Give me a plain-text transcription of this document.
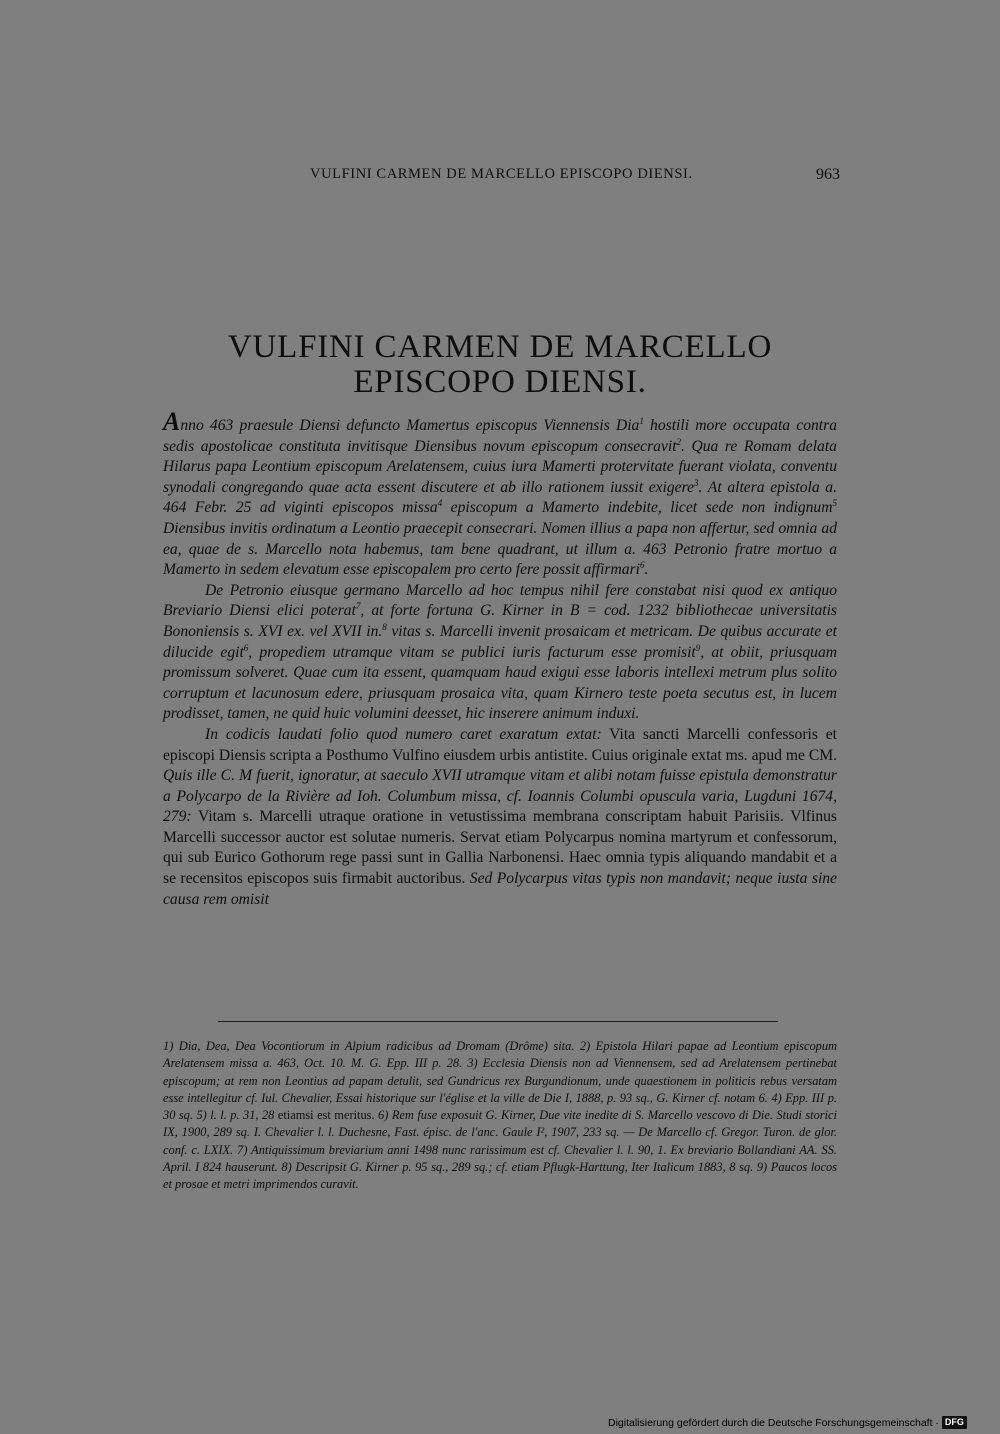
VULFINI CARMEN DE MARCELLO EPISCOPO DIENSI.	963
VULFINI CARMEN DE MARCELLO
EPISCOPO DIENSI.

Anno 463 praesule Diensi defuncto Mamertus episcopus Viennensis Dia$^1$ hostili more occupata contra sedis apostolicae constituta invitisque Diensibus novum episcopum consecravit$^2$. Qua re Romam delata Hilarus papa Leontium episcopum Arelatensem, cuius iura Mamerti protervitate fuerant violata, conventu synodali congregando quae acta essent discutere et ab illo rationem iussit exigere$^3$. At altera epistola a. 464 Febr. 25 ad viginti episcopos missa$^4$ episcopum a Mamerto indebite, licet sede non indignum$^5$ Diensibus invitis ordinatum a Leontio praecepit consecrari. Nomen illius a papa non affertur, sed omnia ad ea, quae de s. Marcello nota habemus, tam bene quadrant, ut illum a. 463 Petronio fratre mortuo a Mamerto in sedem elevatum esse episcopalem pro certo fere possit affirmari$^6$.

De Petronio eiusque germano Marcello ad hoc tempus nihil fere constabat nisi quod ex antiquo Breviario Diensi elici poterat$^7$, at forte fortuna G. Kirner in B = cod. 1232 bibliothecae universitatis Bononiensis s. XVI ex. vel XVII in.$^8$ vitas s. Marcelli invenit prosaicam et metricam. De quibus accurate et dilucide egit$^6$, propediem utramque vitam se publici iuris facturum esse promisit$^9$, at obiit, priusquam promissum solveret. Quae cum ita essent, quamquam haud exigui esse laboris intellexi metrum plus solito corruptum et lacunosum edere, priusquam prosaica vita, quam Kirnero teste poeta secutus est, in lucem prodisset, tamen, ne quid huic volumini deesset, hic inserere animum induxi.

In codicis laudati folio quod numero caret exaratum extat: Vita sancti Marcelli confessoris et episcopi Diensis scripta a Posthumo Vulfino eiusdem urbis antistite. Cuius originale extat ms. apud me CM. Quis ille C. M fuerit, ignoratur, at saeculo XVII utramque vitam et alibi notam fuisse epistula demonstratur a Polycarpo de la Rivière ad Ioh. Columbum missa, cf. Ioannis Columbi opuscula varia, Lugduni 1674, 279: Vitam s. Marcelli utraque oratione in vetustissima membrana conscriptam habuit Parisiis. Vlfinus Marcelli successor auctor est solutae numeris. Servat etiam Polycarpus nomina martyrum et confessorum, qui sub Eurico Gothorum rege passi sunt in Gallia Narbonensi. Haec omnia typis aliquando mandabit et a se recensitos episcopos suis firmabit auctoribus. Sed Polycarpus vitas typis non mandavit; neque iusta sine causa rem omisit

1) Dia, Dea, Dea Vocontiorum in Alpium radicibus ad Dromam (Drôme) sita. 2) Epistola Hilari papae ad Leontium episcopum Arelatensem missa a. 463, Oct. 10. M. G. Epp. III p. 28. 3) Ecclesia Diensis non ad Viennensem, sed ad Arelatensem pertinebat episcopum; at rem non Leontius ad papam detulit, sed Gundricus rex Burgundionum, unde quaestionem in politicis rebus versatam esse intellegitur cf. Iul. Chevalier, Essai historique sur l'église et la ville de Die I, 1888, p. 93 sq., G. Kirner cf. notam 6. 4) Epp. III p. 30 sq. 5) l. l. p. 31, 28 etiamsi est meritus. 6) Rem fuse exposuit G. Kirner, Due vite inedite di S. Marcello vescovo di Die. Studi storici IX, 1900, 289 sq. I. Chevalier l. l. Duchesne, Fast. épisc. de l'anc. Gaule I², 1907, 233 sq. — De Marcello cf. Gregor. Turon. de glor. conf. c. LXIX. 7) Antiquissimum breviarium anni 1498 nunc rarissimum est cf. Chevalier l. l. 90, 1. Ex breviario Bollandiani AA. SS. April. I 824 hauserunt. 8) Descripsit G. Kirner p. 95 sq., 289 sq.; cf. etiam Pflugk-Harttung, Iter Italicum 1883, 8 sq. 9) Paucos locos et prosae et metri imprimendos curavit.

Digitalisierung gefördert durch die Deutsche Forschungsgemeinschaft · DFG
